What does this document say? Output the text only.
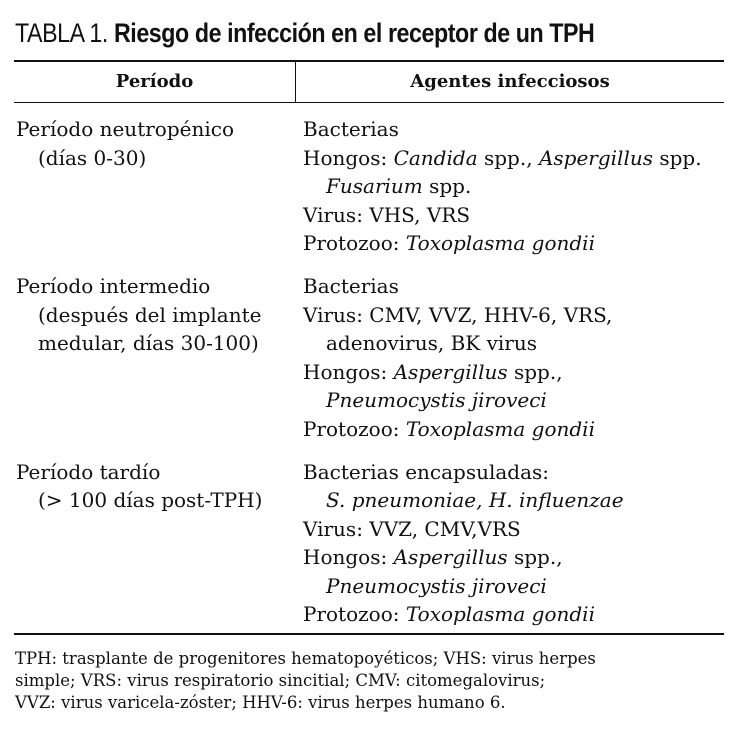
TABLA 1. Riesgo de infección en el receptor de un TPH
Período	Agentes infecciosos
Período neutropénico
(días 0-30)
Bacterias
Hongos: Candida spp., Aspergillus spp.
Fusarium spp.
Virus: VHS, VRS
Protozoo: Toxoplasma gondii
Período intermedio
(después del implante
medular, días 30-100)
Bacterias
Virus: CMV, VVZ, HHV-6, VRS,
adenovirus, BK virus
Hongos: Aspergillus spp.,
Pneumocystis jiroveci
Protozoo: Toxoplasma gondii
Período tardío
(> 100 días post-TPH)
Bacterias encapsuladas:
S. pneumoniae, H. influenzae
Virus: VVZ, CMV,VRS
Hongos: Aspergillus spp.,
Pneumocystis jiroveci
Protozoo: Toxoplasma gondii
TPH: trasplante de progenitores hematopoyéticos; VHS: virus herpes
simple; VRS: virus respiratorio sincitial; CMV: citomegalovirus;
VVZ: virus varicela-zóster; HHV-6: virus herpes humano 6.
